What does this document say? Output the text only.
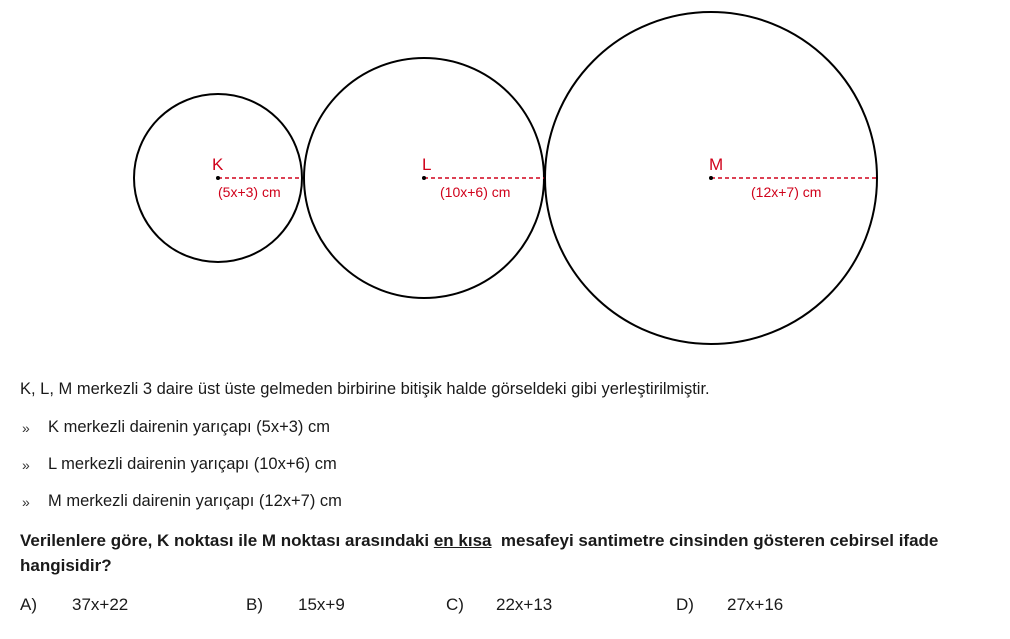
K
(5x+3) cm
L
(10x+6) cm
M
(12x+7) cm
K, L, M merkezli 3 daire üst üste gelmeden birbirine bitişik halde görseldeki gibi yerleştirilmiştir.
» K merkezli dairenin yarıçapı (5x+3) cm
» L merkezli dairenin yarıçapı (10x+6) cm
» M merkezli dairenin yarıçapı (12x+7) cm
Verilenlere göre, K noktası ile M noktası arasındaki en kısa  mesafeyi santimetre cinsinden gösteren cebirsel ifade hangisidir?
A) 37x+22	B) 15x+9	C) 22x+13	D) 27x+16
